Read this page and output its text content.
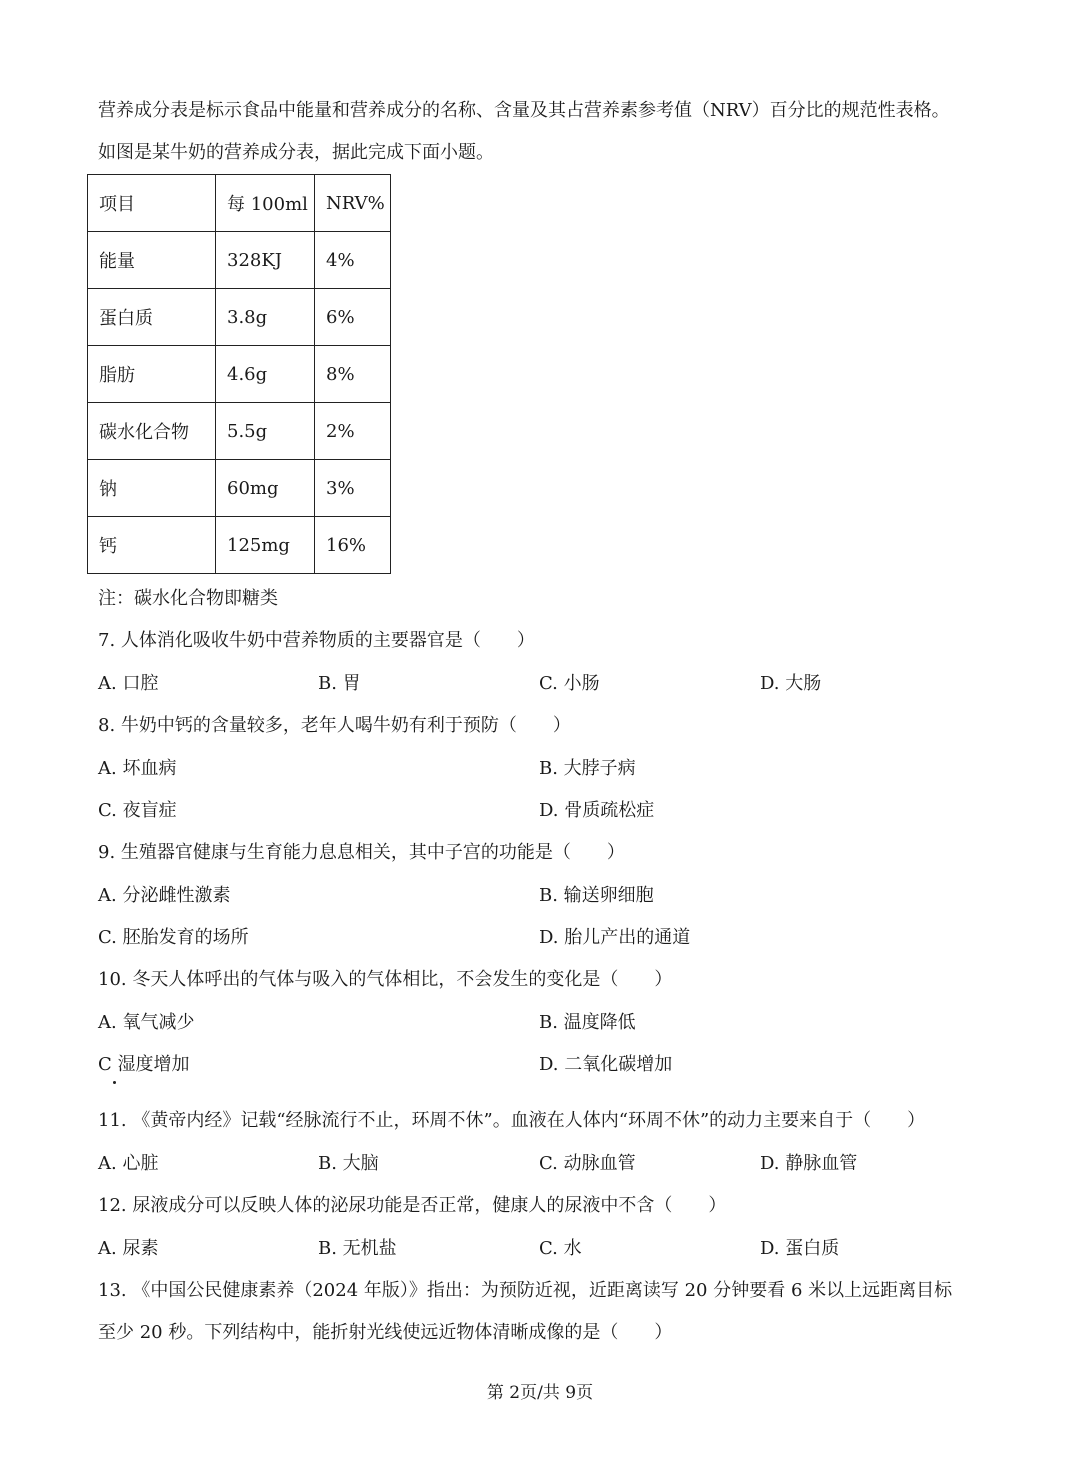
营养成分表是标示食品中能量和营养成分的名称、含量及其占营养素参考值（NRV）百分比的规范性表格。
如图是某牛奶的营养成分表，据此完成下面小题。
项目	每 100ml	NRV%
能量	328KJ	4%
蛋白质	3.8g	6%
脂肪	4.6g	8%
碳水化合物	5.5g	2%
钠	60mg	3%
钙	125mg	16%
注：碳水化合物即糖类
7. 人体消化吸收牛奶中营养物质的主要器官是（　　）
A. 口腔	B. 胃	C. 小肠	D. 大肠
8. 牛奶中钙的含量较多，老年人喝牛奶有利于预防（　　）
A. 坏血病	B. 大脖子病
C. 夜盲症	D. 骨质疏松症
9. 生殖器官健康与生育能力息息相关，其中子宫的功能是（　　）
A. 分泌雌性激素	B. 输送卵细胞
C. 胚胎发育的场所	D. 胎儿产出的通道
10. 冬天人体呼出的气体与吸入的气体相比，不会发生的变化是（　　）
A. 氧气减少	B. 温度降低
C 湿度增加	D. 二氧化碳增加
11. 《黄帝内经》记载“经脉流行不止，环周不休”。血液在人体内“环周不休”的动力主要来自于（　　）
A. 心脏	B. 大脑	C. 动脉血管	D. 静脉血管
12. 尿液成分可以反映人体的泌尿功能是否正常，健康人的尿液中不含（　　）
A. 尿素	B. 无机盐	C. 水	D. 蛋白质
13. 《中国公民健康素养（2024 年版）》指出：为预防近视，近距离读写 20 分钟要看 6 米以上远距离目标
至少 20 秒。下列结构中，能折射光线使远近物体清晰成像的是（　　）
第 2页/共 9页
